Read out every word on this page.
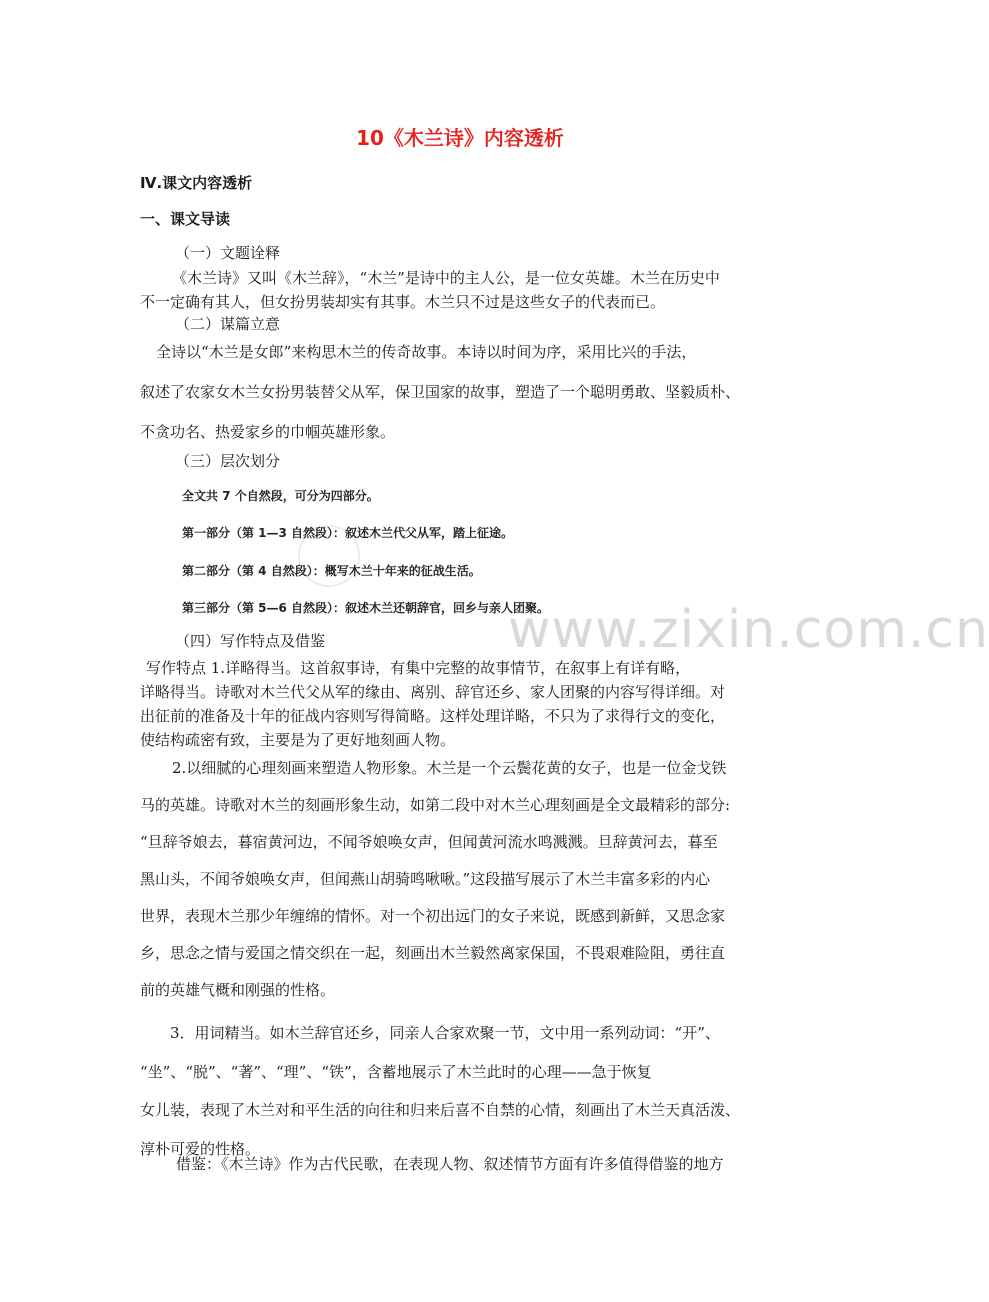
www.zixin.com.cn
10《木兰诗》内容透析
Ⅳ.课文内容透析
一、课文导读
（一）文题诠释

《木兰诗》又叫《木兰辞》，“木兰”是诗中的主人公，是一位女英雄。木兰在历史中

不一定确有其人，但女扮男装却实有其事。木兰只不过是这些女子的代表而已。

（二）谋篇立意

全诗以“木兰是女郎”来构思木兰的传奇故事。本诗以时间为序，采用比兴的手法，

叙述了农家女木兰女扮男装替父从军，保卫国家的故事，塑造了一个聪明勇敢、坚毅质朴、

不贪功名、热爱家乡的巾帼英雄形象。

（三）层次划分
全文共 7 个自然段，可分为四部分。
第一部分（第 1—3 自然段）：叙述木兰代父从军，踏上征途。
第二部分（第 4 自然段）：概写木兰十年来的征战生活。
第三部分（第 5—6 自然段）：叙述木兰还朝辞官，回乡与亲人团聚。
（四）写作特点及借鉴

写作特点 1.详略得当。这首叙事诗，有集中完整的故事情节，在叙事上有详有略，

详略得当。诗歌对木兰代父从军的缘由、离别、辞官还乡、家人团聚的内容写得详细。对

出征前的准备及十年的征战内容则写得简略。这样处理详略，不只为了求得行文的变化，

使结构疏密有致，主要是为了更好地刻画人物。

2.以细腻的心理刻画来塑造人物形象。木兰是一个云鬓花黄的女子，也是一位金戈铁

马的英雄。诗歌对木兰的刻画形象生动，如第二段中对木兰心理刻画是全文最精彩的部分:

“旦辞爷娘去，暮宿黄河边，不闻爷娘唤女声，但闻黄河流水鸣溅溅。旦辞黄河去，暮至

黑山头，不闻爷娘唤女声，但闻燕山胡骑鸣啾啾。”这段描写展示了木兰丰富多彩的内心

世界，表现木兰那少年缠绵的情怀。对一个初出远门的女子来说，既感到新鲜，又思念家

乡，思念之情与爱国之情交织在一起，刻画出木兰毅然离家保国，不畏艰难险阻，勇往直

前的英雄气概和刚强的性格。

3．用词精当。如木兰辞官还乡，同亲人合家欢聚一节，文中用一系列动词：“开”、

“坐”、“脱”、“著”、“理”、“铁”，含蓄地展示了木兰此时的心理——急于恢复

女儿装，表现了木兰对和平生活的向往和归来后喜不自禁的心情，刻画出了木兰天真活泼、

淳朴可爱的性格。

借鉴：《木兰诗》作为古代民歌，在表现人物、叙述情节方面有许多值得借鉴的地方
